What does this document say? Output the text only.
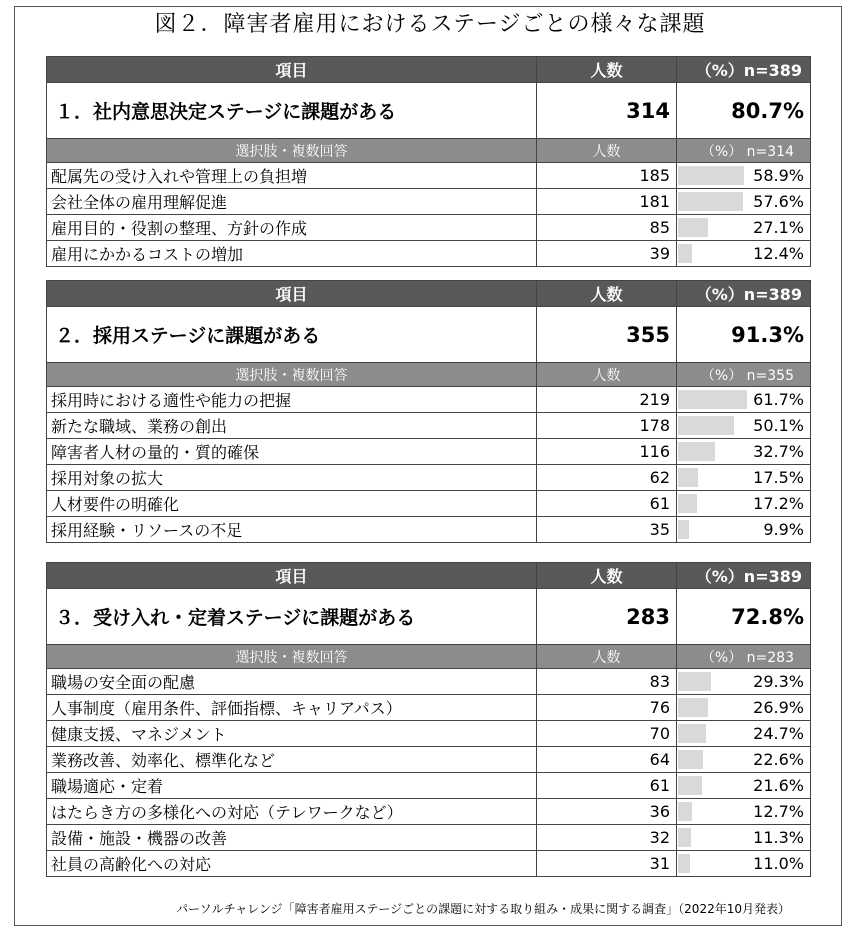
図２．障害者雇用におけるステージごとの様々な課題
項目	人数	（%）n=389
１．社内意思決定ステージに課題がある	314	80.7%
選択肢・複数回答	人数	（%） n=314
配属先の受け入れや管理上の負担増	185	58.9%
会社全体の雇用理解促進	181	57.6%
雇用目的・役割の整理、方針の作成	85	27.1%
雇用にかかるコストの増加	39	12.4%
項目	人数	（%）n=389
２．採用ステージに課題がある	355	91.3%
選択肢・複数回答	人数	（%） n=355
採用時における適性や能力の把握	219	61.7%
新たな職域、業務の創出	178	50.1%
障害者人材の量的・質的確保	116	32.7%
採用対象の拡大	62	17.5%
人材要件の明確化	61	17.2%
採用経験・リソースの不足	35	9.9%
項目	人数	（%）n=389
３．受け入れ・定着ステージに課題がある	283	72.8%
選択肢・複数回答	人数	（%） n=283
職場の安全面の配慮	83	29.3%
人事制度（雇用条件、評価指標、キャリアパス）	76	26.9%
健康支援、マネジメント	70	24.7%
業務改善、効率化、標準化など	64	22.6%
職場適応・定着	61	21.6%
はたらき方の多様化への対応（テレワークなど）	36	12.7%
設備・施設・機器の改善	32	11.3%
社員の高齢化への対応	31	11.0%
パーソルチャレンジ「障害者雇用ステージごとの課題に対する取り組み・成果に関する調査」（2022年10月発表）
